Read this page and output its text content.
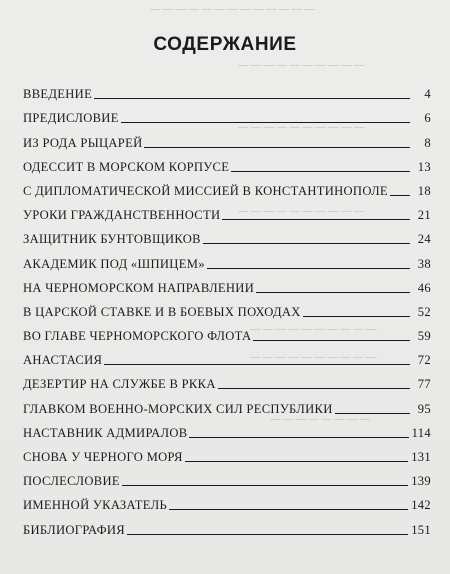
— — — — — — — — — — — — —
— — — — — — — — — —
— — — — — — — — — —
— — — — — — — — — —
— — — — — — — — — —
— — — — — — — — — —
— — — — — — — —
СОДЕРЖАНИЕ
ВВЕДЕНИЕ	4
ПРЕДИСЛОВИЕ	6
ИЗ РОДА РЫЦАРЕЙ	8
ОДЕССИТ В МОРСКОМ КОРПУСЕ	13
С ДИПЛОМАТИЧЕСКОЙ МИССИЕЙ В КОНСТАНТИНОПОЛЕ	18
УРОКИ ГРАЖДАНСТВЕННОСТИ	21
ЗАЩИТНИК БУНТОВЩИКОВ	24
АКАДЕМИК ПОД «ШПИЦЕМ»	38
НА ЧЕРНОМОРСКОМ НАПРАВЛЕНИИ	46
В ЦАРСКОЙ СТАВКЕ И В БОЕВЫХ ПОХОДАХ	52
ВО ГЛАВЕ ЧЕРНОМОРСКОГО ФЛОТА	59
АНАСТАСИЯ	72
ДЕЗЕРТИР НА СЛУЖБЕ В РККА	77
ГЛАВКОМ ВОЕННО-МОРСКИХ СИЛ РЕСПУБЛИКИ	95
НАСТАВНИК АДМИРАЛОВ	114
СНОВА У ЧЕРНОГО МОРЯ	131
ПОСЛЕСЛОВИЕ	139
ИМЕННОЙ УКАЗАТЕЛЬ	142
БИБЛИОГРАФИЯ	151
